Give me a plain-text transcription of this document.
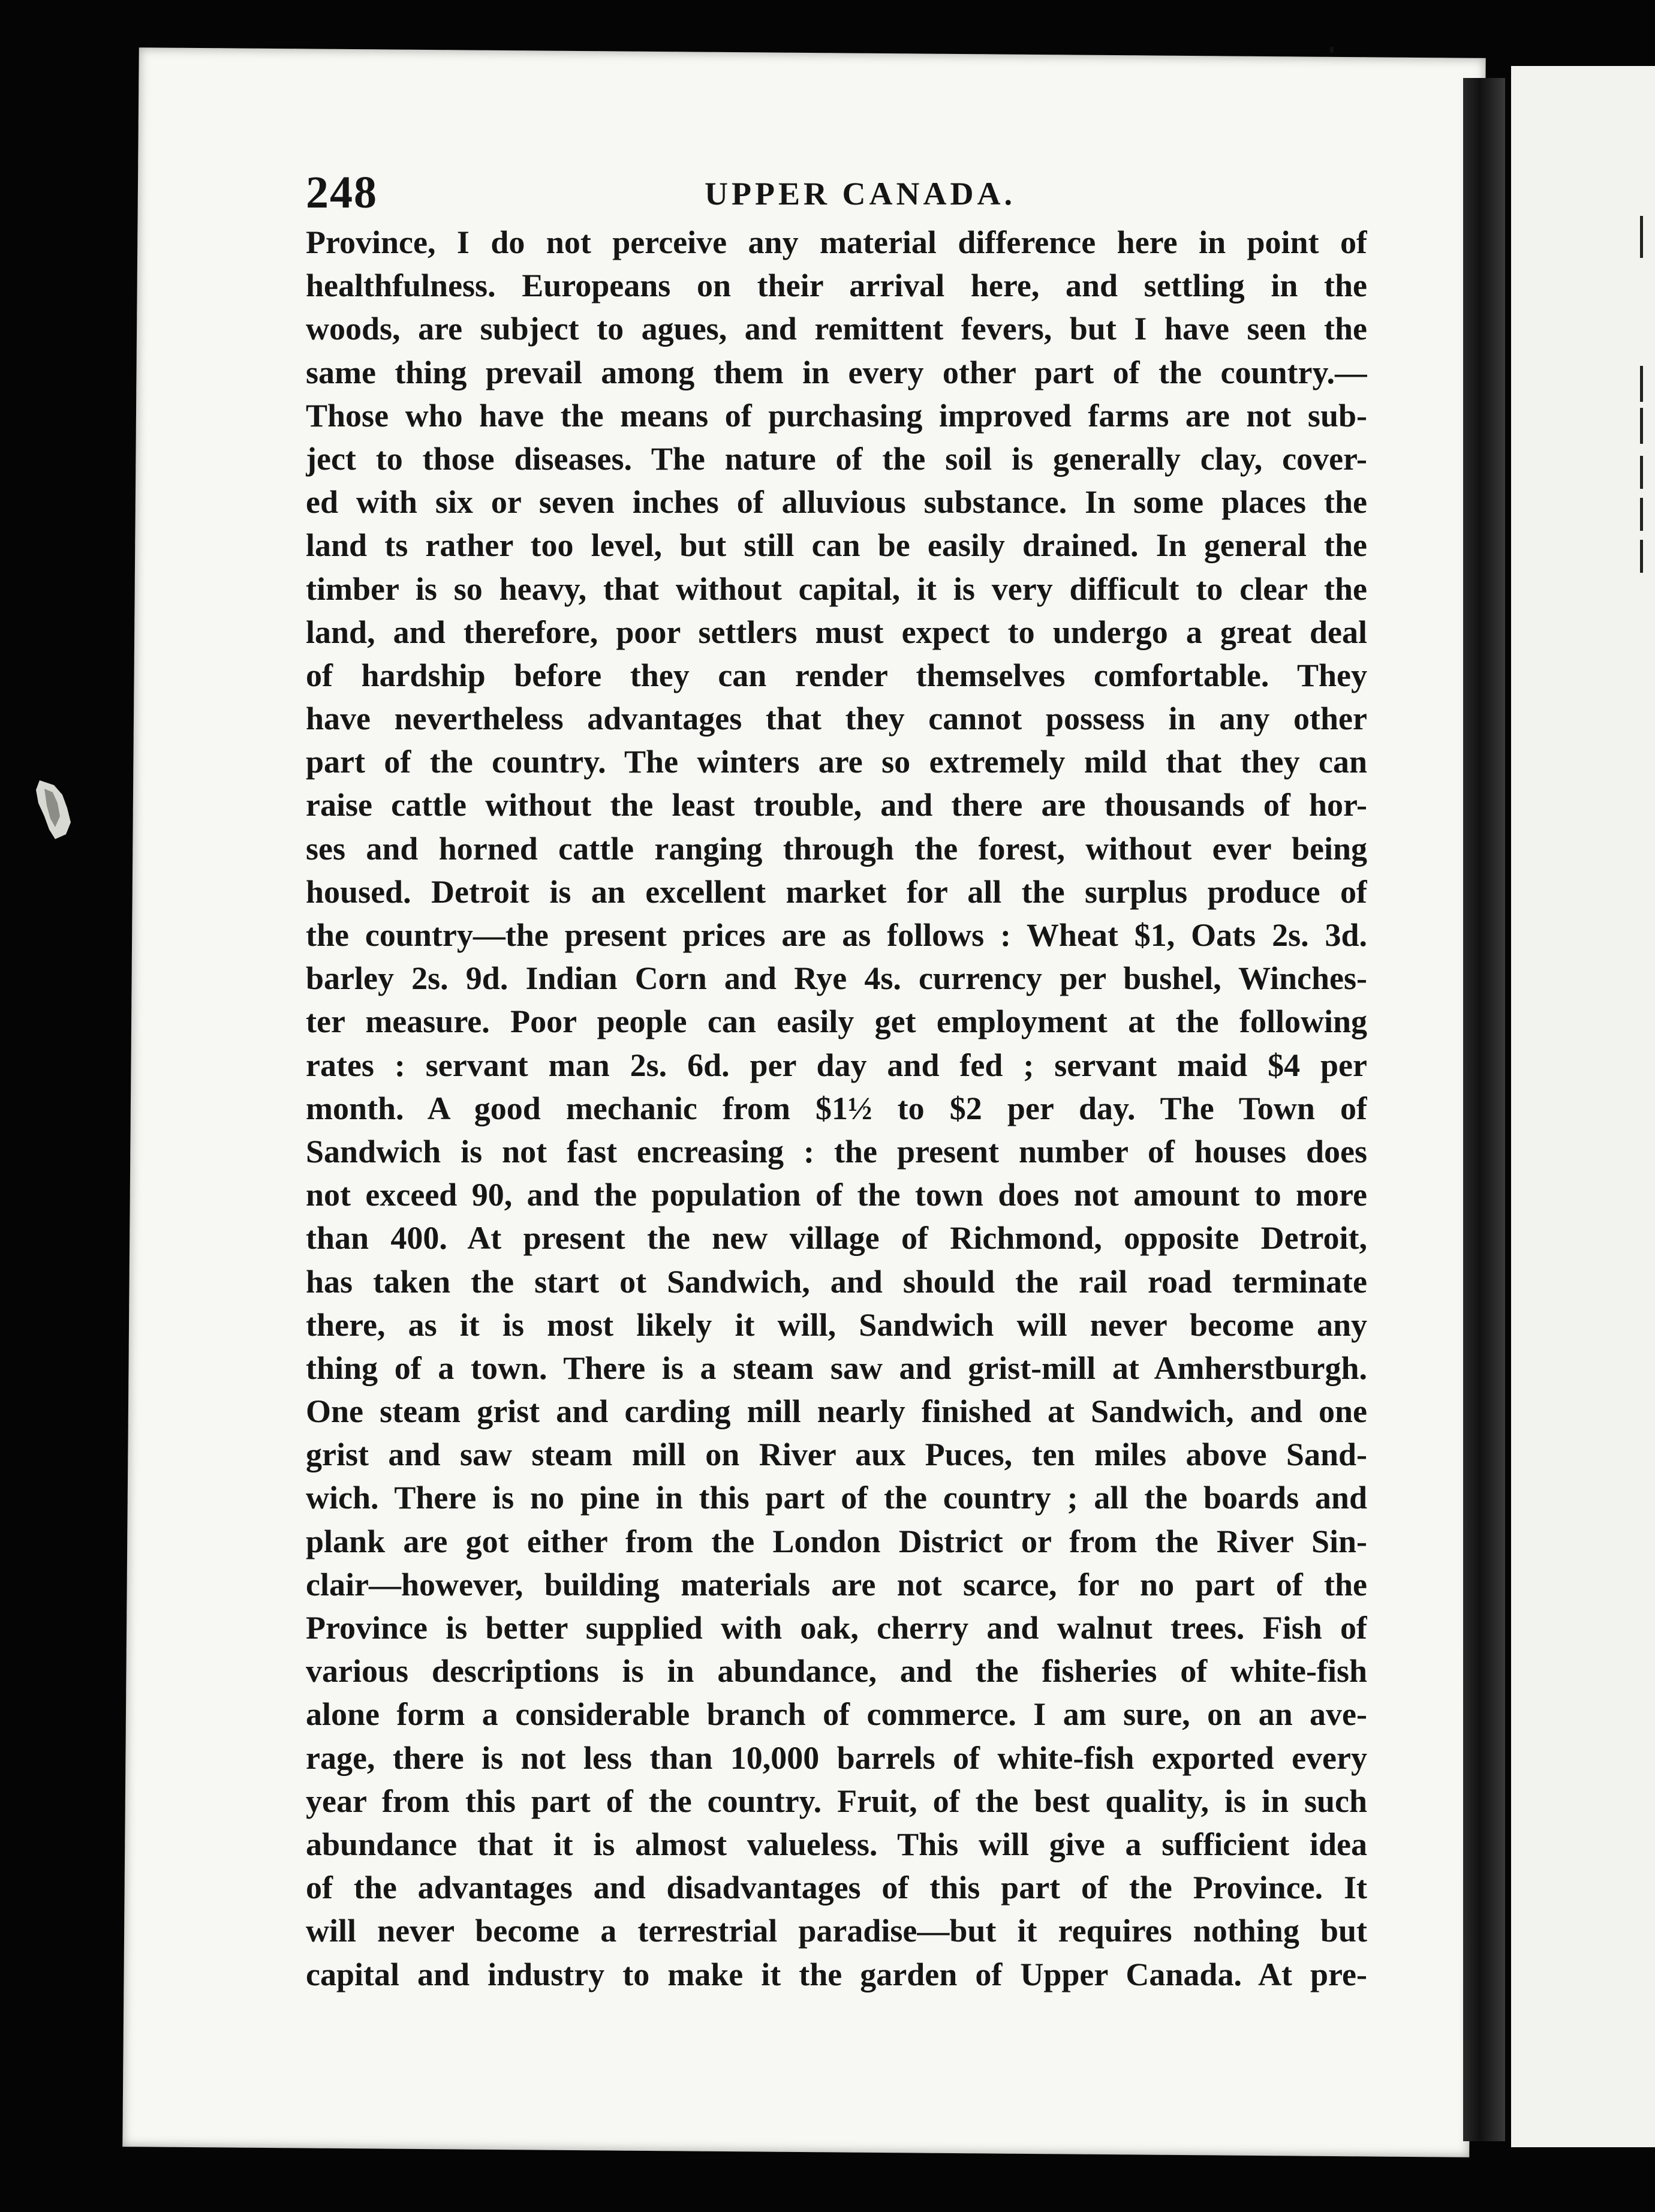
248	UPPER CANADA.
Province, I do not perceive any material difference here in point of
healthfulness. Europeans on their arrival here, and settling in the
woods, are subject to agues, and remittent fevers, but I have seen the
same thing prevail among them in every other part of the country.—
Those who have the means of purchasing improved farms are not sub-
ject to those diseases. The nature of the soil is generally clay, cover-
ed with six or seven inches of alluvious substance. In some places the
land ts rather too level, but still can be easily drained. In general the
timber is so heavy, that without capital, it is very difficult to clear the
land, and therefore, poor settlers must expect to undergo a great deal
of hardship before they can render themselves comfortable. They
have nevertheless advantages that they cannot possess in any other
part of the country. The winters are so extremely mild that they can
raise cattle without the least trouble, and there are thousands of hor-
ses and horned cattle ranging through the forest, without ever being
housed. Detroit is an excellent market for all the surplus produce of
the country—the present prices are as follows : Wheat $1, Oats 2s. 3d.
barley 2s. 9d. Indian Corn and Rye 4s. currency per bushel, Winches-
ter measure. Poor people can easily get employment at the following
rates : servant man 2s. 6d. per day and fed ; servant maid $4 per
month. A good mechanic from $1½ to $2 per day. The Town of
Sandwich is not fast encreasing : the present number of houses does
not exceed 90, and the population of the town does not amount to more
than 400. At present the new village of Richmond, opposite Detroit,
has taken the start ot Sandwich, and should the rail road terminate
there, as it is most likely it will, Sandwich will never become any
thing of a town. There is a steam saw and grist-mill at Amherstburgh.
One steam grist and carding mill nearly finished at Sandwich, and one
grist and saw steam mill on River aux Puces, ten miles above Sand-
wich. There is no pine in this part of the country ; all the boards and
plank are got either from the London District or from the River Sin-
clair—however, building materials are not scarce, for no part of the
Province is better supplied with oak, cherry and walnut trees. Fish of
various descriptions is in abundance, and the fisheries of white-fish
alone form a considerable branch of commerce. I am sure, on an ave-
rage, there is not less than 10,000 barrels of white-fish exported every
year from this part of the country. Fruit, of the best quality, is in such
abundance that it is almost valueless. This will give a sufficient idea
of the advantages and disadvantages of this part of the Province. It
will never become a terrestrial paradise—but it requires nothing but
capital and industry to make it the garden of Upper Canada. At pre-
